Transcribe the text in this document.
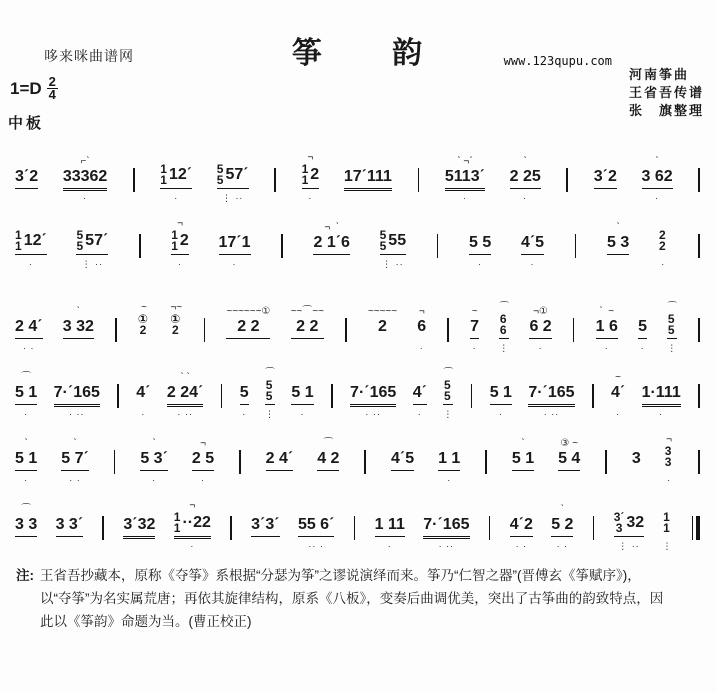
哆来咪曲谱网	筝 韵	www.123qupu.com
河南筝曲
王省吾传谱
张　旗整理
$1=D \frac{2}{4}$
中板

3ˊ2

⌐ˋ
33362
·

1
1 12ˊ
·

5
5 57ˊ
⋮ ··
¬
1
1 2
·

17ˊ111

ˋ ¬ˊ
5113ˊ
·
ˋ
2 25
·

3ˊ2

ˋ
3 62
·

1
1 12ˊ
·

5
5 57ˊ
⋮ ··
¬
1
1 2
·

17ˊ1
·
¬  ˋ
2 1ˊ6

5
5 55
⋮ ··

5 5
·

4ˊ5
·
ˋ
5 3

2
2
·

2 4ˊ
· ·
ˋ
3 32

~
①
2

¬~
①
2

~~~~~~①
2 2

~~⌒~~
2 2

~~~~~
2

¬
6
·
~
7
·
⌒
6
6
⋮
¬①
6 2
·
ˋ  ~
1 6
·

5
·
⌒
5
5
⋮
⌒
5 1
·

7·ˊ165
· ··

4ˊ
·
ˋ ˋ
2 24ˊ
· ··

5
·
⌒
5
5
⋮

5 1
·

7·ˊ165
· ··

4ˊ
·
⌒
5
5
⋮

5 1
·

7·ˊ165
· ··
~
4ˊ
·

1·111
·
ˋ
5 1
·
ˋ
5 7ˊ
· ·
ˋ
5 3ˊ
·
¬
2 5
·

2 4ˊ

⌒
4 2

	4ˊ5

1 1
·
ˋ
5 1

③ ~
5 4

	3

¬
3
3
·
⌒
3 3

3 3ˊ

	3ˊ32

¬
1
1 ··22
·

3ˊ3ˊ

55 6ˊ
·· ·

1 11
·

7·ˊ165
· ··

4ˊ2
· ·
ˋ
5 2
· ·

3ˊ
3 32
⋮ ··

1
1
⋮
注: 王省吾抄藏本，原称《夺筝》系根据“分瑟为筝”之谬说演绎而来。筝乃“仁智之器”(晋傅玄《筝赋序》)，
以“夺筝”为名实属荒唐；再依其旋律结构，原系《八板》，变奏后曲调优美，突出了古筝曲的韵致特点，因
此以《筝韵》命题为当。(曹正校正)
